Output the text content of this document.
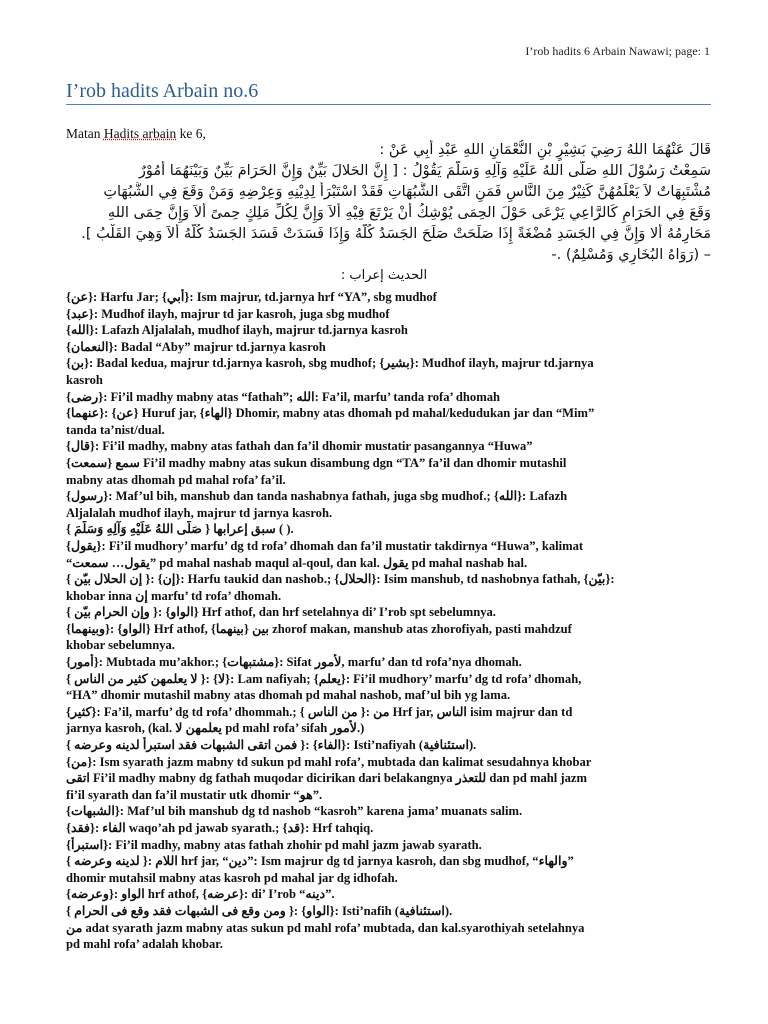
I’rob hadits 6 Arbain Nawawi; page: 1
I’rob hadits Arbain no.6
Matan Hadits arbain ke 6,
قَالَ عَنْهُمَا اللهُ رَضِيَ بَشِيْرٍ بْنِ النُّعْمَانِ اللهِ عَبْدِ أَبِي عَنْ :
سَمِعْتُ رَسُوْلَ اللهِ صَلَّى اللهُ عَلَيْهِ وَآلِهِ وَسَلَّمَ يَقُوْلُ : [ إِنَّ الحَلالَ بَيِّنٌ وَإِنَّ الحَرَامَ بَيِّنٌ وَبَيْنَهُمَا أُمُوْرٌ
مُشْتَبِهَاتٌ لاَ يَعْلَمُهُنَّ كَثِيْرٌ مِنَ النَّاسِ فَمَنِ اتَّقَى الشُّبُهَاتِ فَقَدْ اسْتَبْرَأَ لِدِيْنِهِ وَعِرْضِهِ وَمَنْ وَقَعَ فِي الشُّبُهَاتِ
وَقَعَ فِي الحَرَامِ كَالرَّاعِي يَرْعَى حَوْلَ الحِمَى يُوْشِكُ أَنْ يَرْتَعَ فِيْهِ أَلاَ وَإِنَّ لِكُلِّ مَلِكٍ حِمىً أَلاَ وَإِنَّ حِمَى اللهِ
مَحَارِمُهُ أَلا وَإِنَّ فِي الجَسَدِ مُضْغَةً إِذَا صَلَحَتْ صَلَحَ الجَسَدُ كُلُّهُ وَإِذَا فَسَدَتْ فَسَدَ الجَسَدُ كُلُّهُ أَلاَ وَهِيَ القَلْبُ ].
– (رَوَاهُ البُخَارِي وَمُسْلِمٌ) .-
الحديث إعراب :
{عن}: Harfu Jar; {أبي}: Ism majrur, td.jarnya hrf “YA”, sbg mudhof
{عبد}: Mudhof ilayh, majrur td jar kasroh, juga sbg mudhof
{الله}: Lafazh Aljalalah, mudhof ilayh, majrur td.jarnya kasroh
{النعمان}: Badal “Aby” majrur td.jarnya kasroh
{بن}: Badal kedua, majrur td.jarnya kasroh, sbg mudhof; {بشير}: Mudhof ilayh, majrur td.jarnya
kasroh
{رضى}: Fi’il madhy mabny atas “fathah”; الله: Fa’il, marfu’ tanda rofa’ dhomah
{عنهما}: {عن} Huruf jar, {الهاء} Dhomir, mabny atas dhomah pd mahal/kedudukan jar dan “Mim”
tanda ta’nist/dual.
{قال}: Fi’il madhy, mabny atas fathah dan fa’il dhomir mustatir pasangannya “Huwa”
{سمعت} سمع Fi’il madhy mabny atas sukun disambung dgn “TA” fa’il dan dhomir mutashil
mabny atas dhomah pd mahal rofa’ fa’il.
{رسول}: Maf’ul bih, manshub dan tanda nashabnya fathah, juga sbg mudhof.; {الله}: Lafazh
Aljalalah mudhof ilayh, majrur td jarnya kasroh.
{ صَلَّى اللهُ عَلَيْهِ وَآلِهِ وَسَلَّمَ } سبق إعرابها ( ).
{يقول}: Fi’il mudhory’ marfu’ dg td rofa’ dhomah dan fa’il mustatir takdirnya “Huwa”, kalimat
“يقول… سمعت” pd mahal nashab maqul al-qoul, dan kal. يقول pd mahal nashab hal.
{ إن الحلال بيّن }: {إن}: Harfu taukid dan nashob.; {الحلال}: Isim manshub, td nashobnya fathah, {بيّن}:
khobar inna إن marfu’ td rofa’ dhomah.
{ وإن الحرام بيّن }: {الواو} Hrf athof, dan hrf setelahnya di’ I’rob spt sebelumnya.
{وبينهما}: {الواو} Hrf athof, {بينهما} بين zhorof makan, manshub atas zhorofiyah, pasti mahdzuf
khobar sebelumnya.
{أمور}: Mubtada mu’akhor.; {مشتبهات}: Sifat لأمور, marfu’ dan td rofa’nya dhomah.
{ لا يعلمهن كثير من الناس }: {لا}: Lam nafiyah; {يعلم}: Fi’il mudhory’ marfu’ dg td rofa’ dhomah,
“HA” dhomir mutashil mabny atas dhomah pd mahal nashob, maf’ul bih yg lama.
{كثير}: Fa’il, marfu’ dg td rofa’ dhommah.; { من الناس }: من Hrf jar, الناس isim majrur dan td
jarnya kasroh, (kal. يعلمهن لا pd mahl rofa’ sifah لأمور.)
{ فمن اتقى الشبهات فقد استبرأ لدينه وعرضه }: {الفاء}: Isti’nafiyah (استئنافية).
{من}: Ism syarath jazm mabny td sukun pd mahl rofa’, mubtada dan kalimat sesudahnya khobar
اتقى Fi’il madhy mabny dg fathah muqodar dicirikan dari belakangnya للتعذر dan pd mahl jazm
fi’il syarath dan fa’il mustatir utk dhomir “هو”.
{الشبهات}: Maf’ul bih manshub dg td nashob “kasroh” karena jama’ muanats salim.
{فقد}: الفاء waqo’ah pd jawab syarath.; {قد}: Hrf tahqiq.
{استبرأ}: Fi’il madhy, mabny atas fathah zhohir pd mahl jazm jawab syarath.
{ لدينه وعرضه }: اللام hrf jar, “دين”: Ism majrur dg td jarnya kasroh, dan sbg mudhof, “والهاء”
dhomir mutahsil mabny atas kasroh pd mahal jar dg idhofah.
{وعرضه}: الواو hrf athof, {عرضه}: di’ I’rob “دينه”.
{ ومن وقع فى الشبهات فقد وقع فى الحرام }: {الواو}: Isti’nafih (استئنافية).
من adat syarath jazm mabny atas sukun pd mahl rofa’ mubtada, dan kal.syarothiyah setelahnya
pd mahl rofa’ adalah khobar.
